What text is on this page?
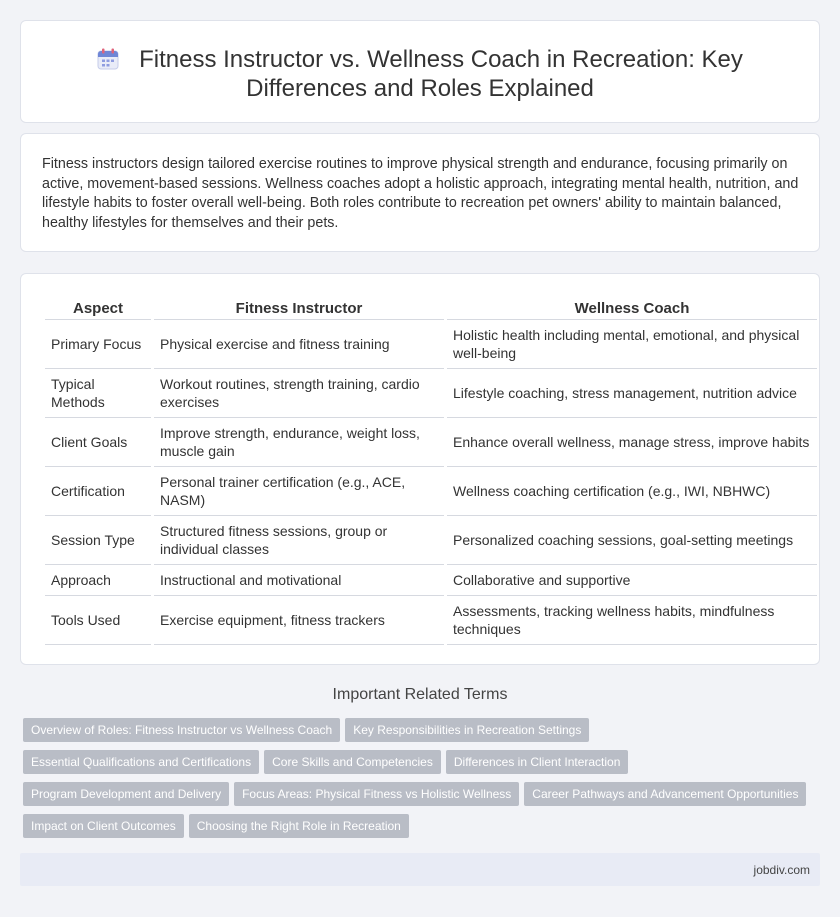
Fitness Instructor vs. Wellness Coach in Recreation: Key Differences and Roles Explained

Fitness instructors design tailored exercise routines to improve physical strength and endurance, focusing primarily on active, movement-based sessions. Wellness coaches adopt a holistic approach, integrating mental health, nutrition, and lifestyle habits to foster overall well-being. Both roles contribute to recreation pet owners' ability to maintain balanced, healthy lifestyles for themselves and their pets.

Aspect	Fitness Instructor	Wellness Coach
Primary Focus	Physical exercise and fitness training	Holistic health including mental, emotional, and physical well-being
Typical Methods	Workout routines, strength training, cardio exercises	Lifestyle coaching, stress management, nutrition advice
Client Goals	Improve strength, endurance, weight loss, muscle gain	Enhance overall wellness, manage stress, improve habits
Certification	Personal trainer certification (e.g., ACE, NASM)	Wellness coaching certification (e.g., IWI, NBHWC)
Session Type	Structured fitness sessions, group or individual classes	Personalized coaching sessions, goal-setting meetings
Approach	Instructional and motivational	Collaborative and supportive
Tools Used	Exercise equipment, fitness trackers	Assessments, tracking wellness habits, mindfulness techniques
Important Related Terms
Overview of Roles: Fitness Instructor vs Wellness Coach Key Responsibilities in Recreation Settings
Essential Qualifications and Certifications Core Skills and Competencies Differences in Client Interaction
Program Development and Delivery Focus Areas: Physical Fitness vs Holistic Wellness Career Pathways and Advancement Opportunities
Impact on Client Outcomes Choosing the Right Role in Recreation
jobdiv.com
